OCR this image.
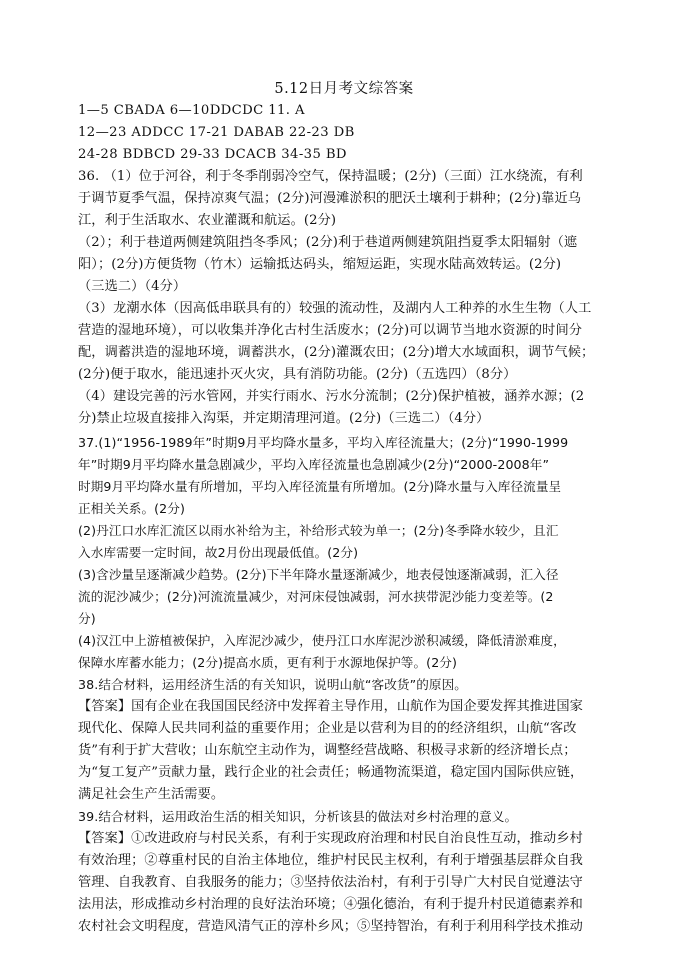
5.12日月考文综答案
1—5 CBADA 6—10DDCDC 11. A
12—23 ADDCC 17-21 DABAB 22-23 DB
24-28 BDBCD 29-33 DCACB 34-35 BD
36. （1）位于河谷，利于冬季削弱冷空气，保持温暖；(2分)（三面）江水绕流，有利
于调节夏季气温，保持凉爽气温；(2分)河漫滩淤积的肥沃土壤利于耕种；(2分)靠近乌
江，利于生活取水、农业灌溉和航运。(2分)
（2）；利于巷道两侧建筑阻挡冬季风；(2分)利于巷道两侧建筑阻挡夏季太阳辐射（遮
阳）；(2分)方便货物（竹木）运输抵达码头，缩短运距，实现水陆高效转运。(2分)
（三选二）（4分）
（3）龙潮水体（因高低串联具有的）较强的流动性，及湖内人工种养的水生生物（人工
营造的湿地环境），可以收集并净化古村生活废水；(2分)可以调节当地水资源的时间分
配，调蓄洪造的湿地环境，调蓄洪水，(2分)灌溉农田；(2分)增大水域面积，调节气候；
(2分)便于取水，能迅速扑灭火灾，具有消防功能。(2分)（五选四）（8分）
（4）建设完善的污水管网，并实行雨水、污水分流制；(2分)保护植被，涵养水源；(2
分)禁止垃圾直接排入沟渠，并定期清理河道。(2分)（三选二）（4分）
37.(1)“1956-1989年”时期9月平均降水量多，平均入库径流量大；(2分)“1990-1999
年”时期9月平均降水量急剧减少，平均入库径流量也急剧减少(2分)“2000-2008年”
时期9月平均降水量有所增加，平均入库径流量有所增加。(2分)降水量与入库径流量呈
正相关关系。(2分)
(2)丹江口水库汇流区以雨水补给为主，补给形式较为单一；(2分)冬季降水较少，且汇
入水库需要一定时间，故2月份出现最低值。(2分)
(3)含沙量呈逐渐减少趋势。(2分)下半年降水量逐渐减少，地表侵蚀逐渐减弱，汇入径
流的泥沙减少；(2分)河流流量减少，对河床侵蚀减弱，河水挟带泥沙能力变差等。(2
分)
(4)汉江中上游植被保护，入库泥沙减少，使丹江口水库泥沙淤积减缓，降低清淤难度，
保障水库蓄水能力；(2分)提高水质，更有利于水源地保护等。(2分)
38.结合材料，运用经济生活的有关知识，说明山航“客改货”的原因。
【答案】国有企业在我国国民经济中发挥着主导作用，山航作为国企要发挥其推进国家
现代化、保障人民共同利益的重要作用；企业是以营利为目的的经济组织，山航“客改
货”有利于扩大营收；山东航空主动作为，调整经营战略、积极寻求新的经济增长点；
为“复工复产”贡献力量，践行企业的社会责任；畅通物流渠道，稳定国内国际供应链，
满足社会生产生活需要。
39.结合材料，运用政治生活的相关知识，分析该县的做法对乡村治理的意义。
【答案】①改进政府与村民关系，有利于实现政府治理和村民自治良性互动，推动乡村
有效治理；②尊重村民的自治主体地位，维护村民民主权利，有利于增强基层群众自我
管理、自我教育、自我服务的能力；③坚持依法治村，有利于引导广大村民自觉遵法守
法用法，形成推动乡村治理的良好法治环境；④强化德治，有利于提升村民道德素养和
农村社会文明程度，营造风清气正的淳朴乡风；⑤坚持智治，有利于利用科学技术推动
